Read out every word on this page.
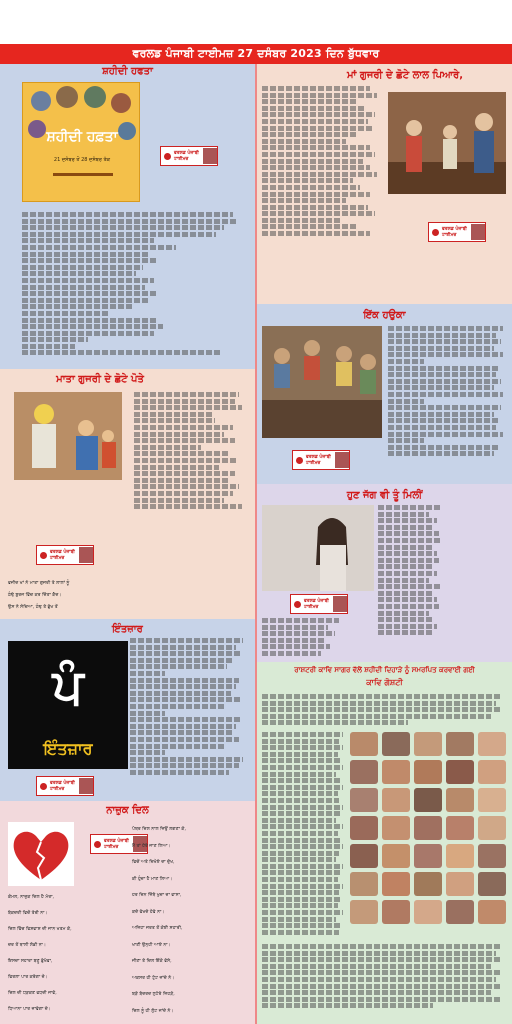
ਵਰਲਡ ਪੰਜਾਬੀ ਟਾਈਮਜ਼ 27 ਦਸੰਬਰ 2023 ਦਿਨ ਬੁੱਧਵਾਰ
ਸ਼ਹੀਦੀ ਹਫਤਾ
ਸ਼ਹੀਦੀ ਹਫ਼ਤਾ
21 ਦਸੰਬਰ ਤੋਂ 28 ਦਸੰਬਰ ਤੱਕ
ਵਰਲਡ ਪੰਜਾਬੀ ਟਾਈਮਜ਼
ਮਾਤਾ ਗੁਜਰੀ ਦੇ ਛੋਟੇ ਪੋਤੇ
ਵਰਲਡ ਪੰਜਾਬੀ ਟਾਈਮਜ਼
ਵਜੀਦ ਖਾਂ ਨੇ ਮਾਤਾ ਗੁਜਰੀ ਤੇ ਲਾਲਾਂ ਨੂੰ
ਠੰਢੇ ਬੁਰਜ ਵਿੱਚ ਕਰ ਦਿੱਤਾ ਕੈਦ।
ਉਸ ਨੇ ਸੋਚਿਆ, ਠੰਢ ਤੇ ਭੁੱਖ ਤੋਂ
ਇੰਤਜ਼ਾਰ
ਪੰ
ਇੰਤਜ਼ਾਰ
ਵਰਲਡ ਪੰਜਾਬੀ ਟਾਈਮਜ਼
ਨਾਜ਼ੁਕ ਦਿਲ
ਵਰਲਡ ਪੰਜਾਬੀ ਟਾਈਮਜ਼
ਕੋਮਲ, ਨਾਜ਼ੁਕ ਦਿਲ ਹੈ ਮੇਰਾ,
ਬੇਕਦਰੀ ਵਿਚੋਂ ਤੇਰੀ ਨਾ।
ਦਿਲ ਵਿੱਚ ਵਿਸ਼ਵਾਸ਼ ਦੀ ਜਾਨ ਖਤਮ ਕੇ,
ਦਰ ਤੋਂ ਥਾਲੀ ਲੱਭੀ ਨਾ।
ਇਸਦਾ ਸਹਾਰਾ ਬਣੂ ਭੁੱਖੇਵਾ,
ਵਿਰਲਾ ਪਾਰ ਕਰੇਗਾ ਦੋ।
ਦਿਲ ਦੀ ਧੜਕਣ ਵਧਦੀ ਜਾਵੇ,
ਧਿਆਨਾ ਪਾਰ ਜਾਵੇਗਾ ਦੇ।
ਪੱਥਰ ਦਿਲ ਨਾਲ ਜਿਉਂ ਲਗਣਾ ਕੇ,
ਮੈਂ ਤਾਂ ਹੋਰੇ ਜਾਣ ਲਿਆ।
ਵਿਚੋਂ ਅਤੇ ਦਿਖੋਏ ਦਾ ਦੁੱਖ,
ਕੀ ਹੁੰਦਾ ਹੈ ਮਾਣ ਲਿਆ।
ਹਰ ਦਿਨ ਜਿੱਥੇ ਖੁਦਾ ਦਾ ਵਾਸਾ,
ਕਦੇ ਵੇਖਦੇ ਹੋਵੇ ਨਾ।
ਅਜਿਹਾ ਜਰਤ ਤੋਂ ਕੋਈ ਸਹਾਰੀ,
ਖਾਣੀ ਉਨ੍ਹੀ ਆਏ ਨਾ।
ਜੀਣਾ ਤੇ ਦਿਲ ਇੱਕੋ ਵੱਸੇ,
ਅਕਸਰ ਹੀ ਟੁੱਟ ਜਾਂਦੇ ਨੇ।
ਬੜੇ ਬੇਦਰਦ ਲੁਟੇਰੇ ਜਿਹੜੇ,
ਦਿਲ ਨੂੰ ਹੀ ਲੁੱਟ ਜਾਂਦੇ ਨੇ।
ਮਾਂ ਗੁਜਰੀ ਦੇ ਛੋਟੇ ਲਾਲ ਪਿਆਰੇ,
ਵਰਲਡ ਪੰਜਾਬੀ ਟਾਈਮਜ਼
ਇੱਕ ਹਉਕਾ
ਵਰਲਡ ਪੰਜਾਬੀ ਟਾਈਮਜ਼
ਹੁਣ ਜੱਗ ਵੀ ਤੂੰ ਮਿਲੀਂ
ਵਰਲਡ ਪੰਜਾਬੀ ਟਾਈਮਜ਼
ਰਾਸ਼ਟਰੀ ਕਾਵਿ ਸਾਗਰ ਵੱਲੋਂ ਸ਼ਹੀਦੀ ਦਿਹਾੜੇ ਨੂੰ ਸਮਰਪਿਤ ਕਰਵਾਈ ਗਈ
ਕਾਵਿ ਗੋਸ਼ਟੀ
